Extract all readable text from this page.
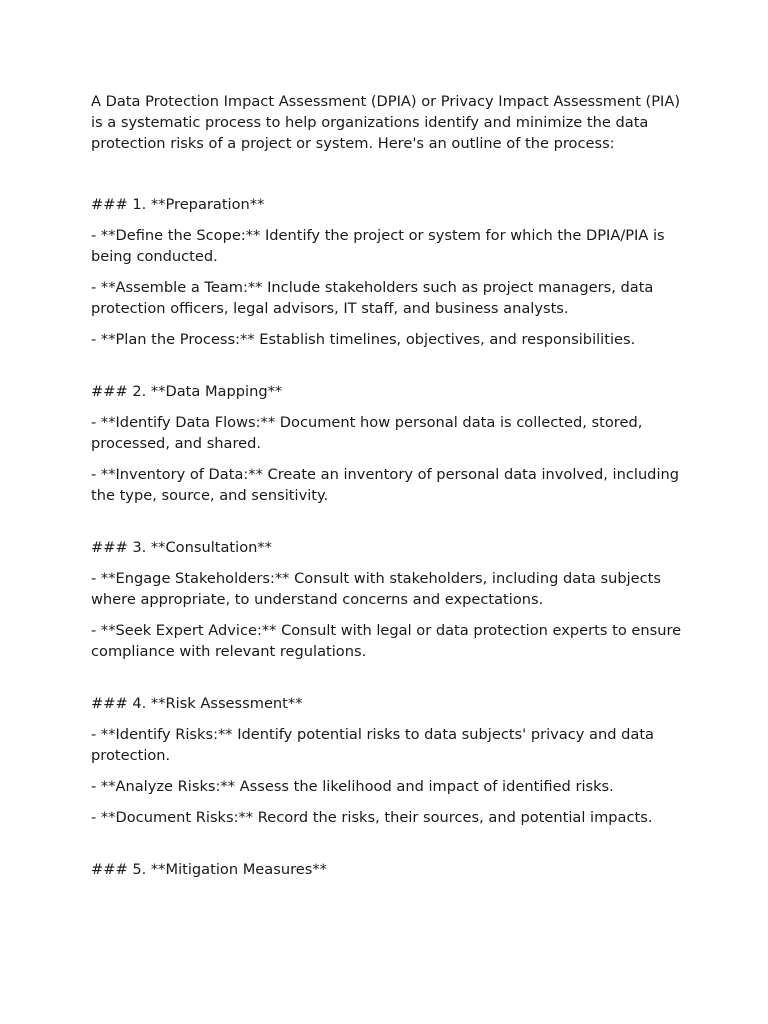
A Data Protection Impact Assessment (DPIA) or Privacy Impact Assessment (PIA) is a systematic process to help organizations identify and minimize the data protection risks of a project or system. Here's an outline of the process:

### 1. **Preparation**

- **Define the Scope:** Identify the project or system for which the DPIA/PIA is being conducted.

- **Assemble a Team:** Include stakeholders such as project managers, data protection officers, legal advisors, IT staff, and business analysts.

- **Plan the Process:** Establish timelines, objectives, and responsibilities.

### 2. **Data Mapping**

- **Identify Data Flows:** Document how personal data is collected, stored, processed, and shared.

- **Inventory of Data:** Create an inventory of personal data involved, including the type, source, and sensitivity.

### 3. **Consultation**

- **Engage Stakeholders:** Consult with stakeholders, including data subjects where appropriate, to understand concerns and expectations.

- **Seek Expert Advice:** Consult with legal or data protection experts to ensure compliance with relevant regulations.

### 4. **Risk Assessment**

- **Identify Risks:** Identify potential risks to data subjects' privacy and data protection.

- **Analyze Risks:** Assess the likelihood and impact of identified risks.

- **Document Risks:** Record the risks, their sources, and potential impacts.

### 5. **Mitigation Measures**
